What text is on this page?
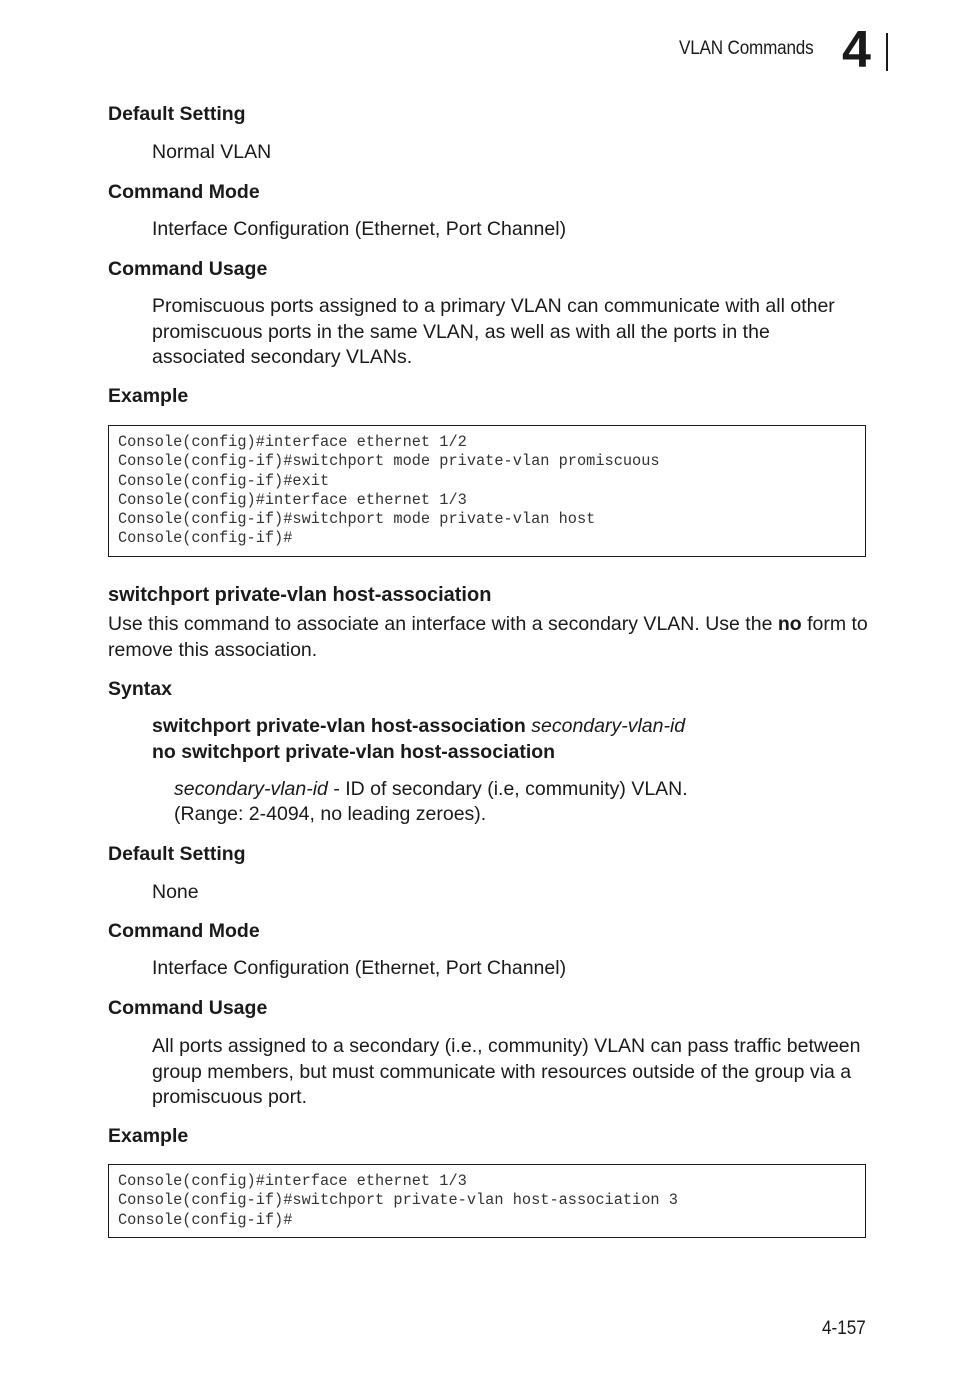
VLAN Commands 4
Default Setting

Normal VLAN

Command Mode

Interface Configuration (Ethernet, Port Channel)

Command Usage

Promiscuous ports assigned to a primary VLAN can communicate with all other promiscuous ports in the same VLAN, as well as with all the ports in the associated secondary VLANs.

Example
Console(config)#interface ethernet 1/2
Console(config-if)#switchport mode private-vlan promiscuous
Console(config-if)#exit
Console(config)#interface ethernet 1/3
Console(config-if)#switchport mode private-vlan host
Console(config-if)#
switchport private-vlan host-association

Use this command to associate an interface with a secondary VLAN. Use the no form to remove this association.

Syntax

switchport private-vlan host-association secondary-vlan-id

no switchport private-vlan host-association

secondary-vlan-id - ID of secondary (i.e, community) VLAN.

(Range: 2-4094, no leading zeroes).

Default Setting

None

Command Mode

Interface Configuration (Ethernet, Port Channel)

Command Usage

All ports assigned to a secondary (i.e., community) VLAN can pass traffic between group members, but must communicate with resources outside of the group via a promiscuous port.

Example
Console(config)#interface ethernet 1/3
Console(config-if)#switchport private-vlan host-association 3
Console(config-if)#
4-157
